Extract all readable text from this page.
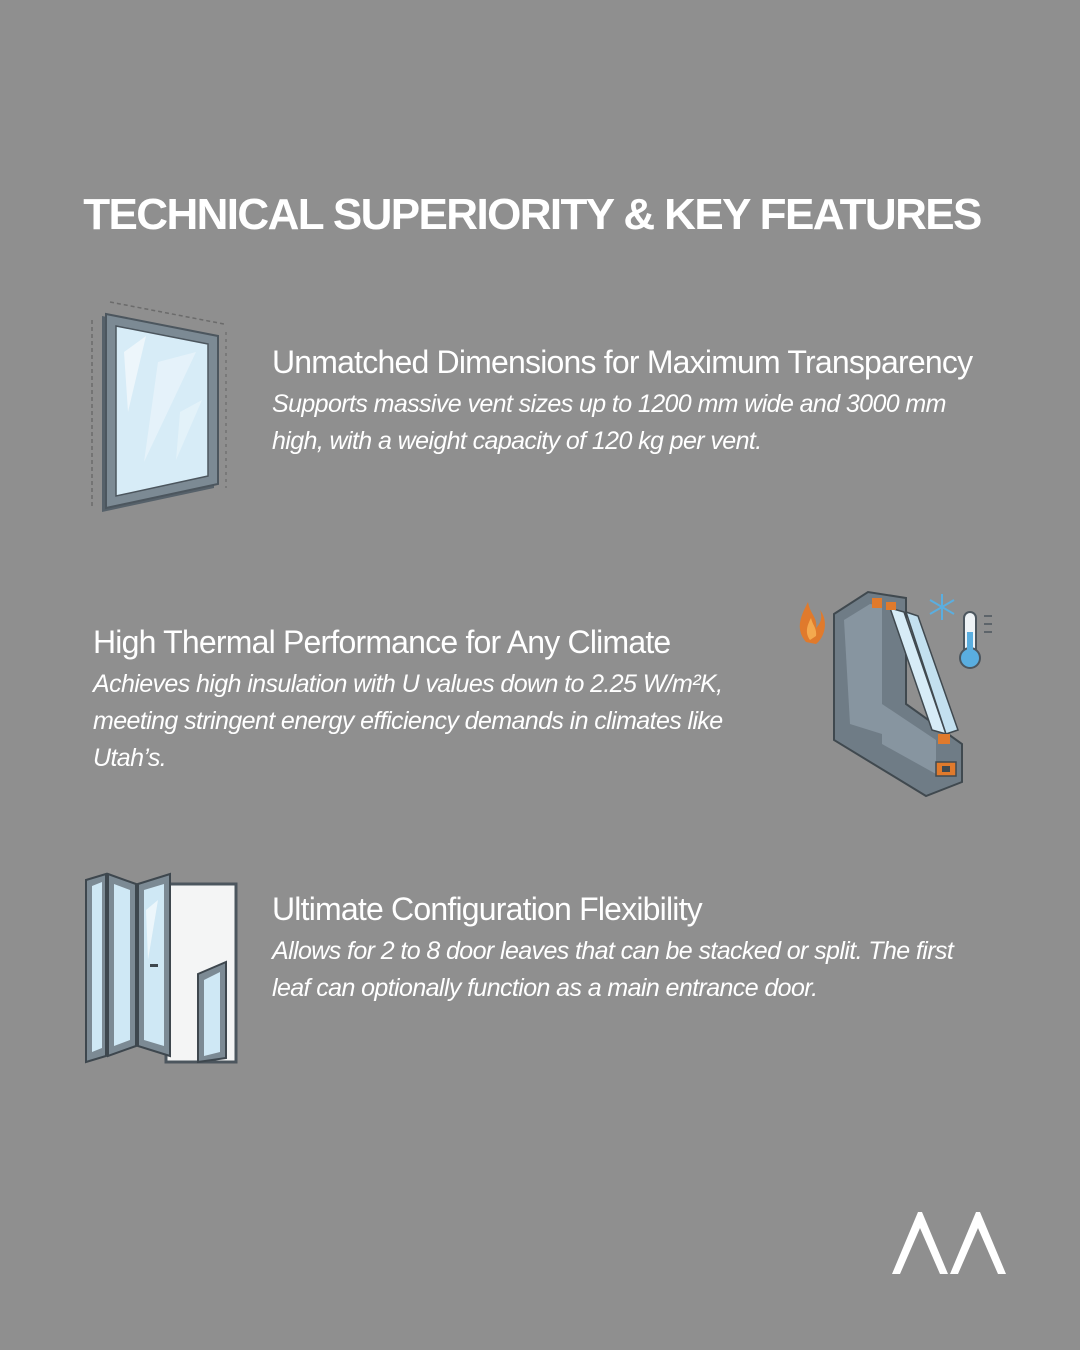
TECHNICAL SUPERIORITY & KEY FEATURES
Unmatched Dimensions for Maximum Transparency

Supports massive vent sizes up to 1200 mm wide and 3000 mm high, with a weight capacity of 120 kg per vent.

High Thermal Performance for Any Climate

Achieves high insulation with U values down to 2.25 W/m²K, meeting stringent energy efficiency demands in climates like Utah’s.

Ultimate Configuration Flexibility

Allows for 2 to 8 door leaves that can be stacked or split. The first leaf can optionally function as a main entrance door.
